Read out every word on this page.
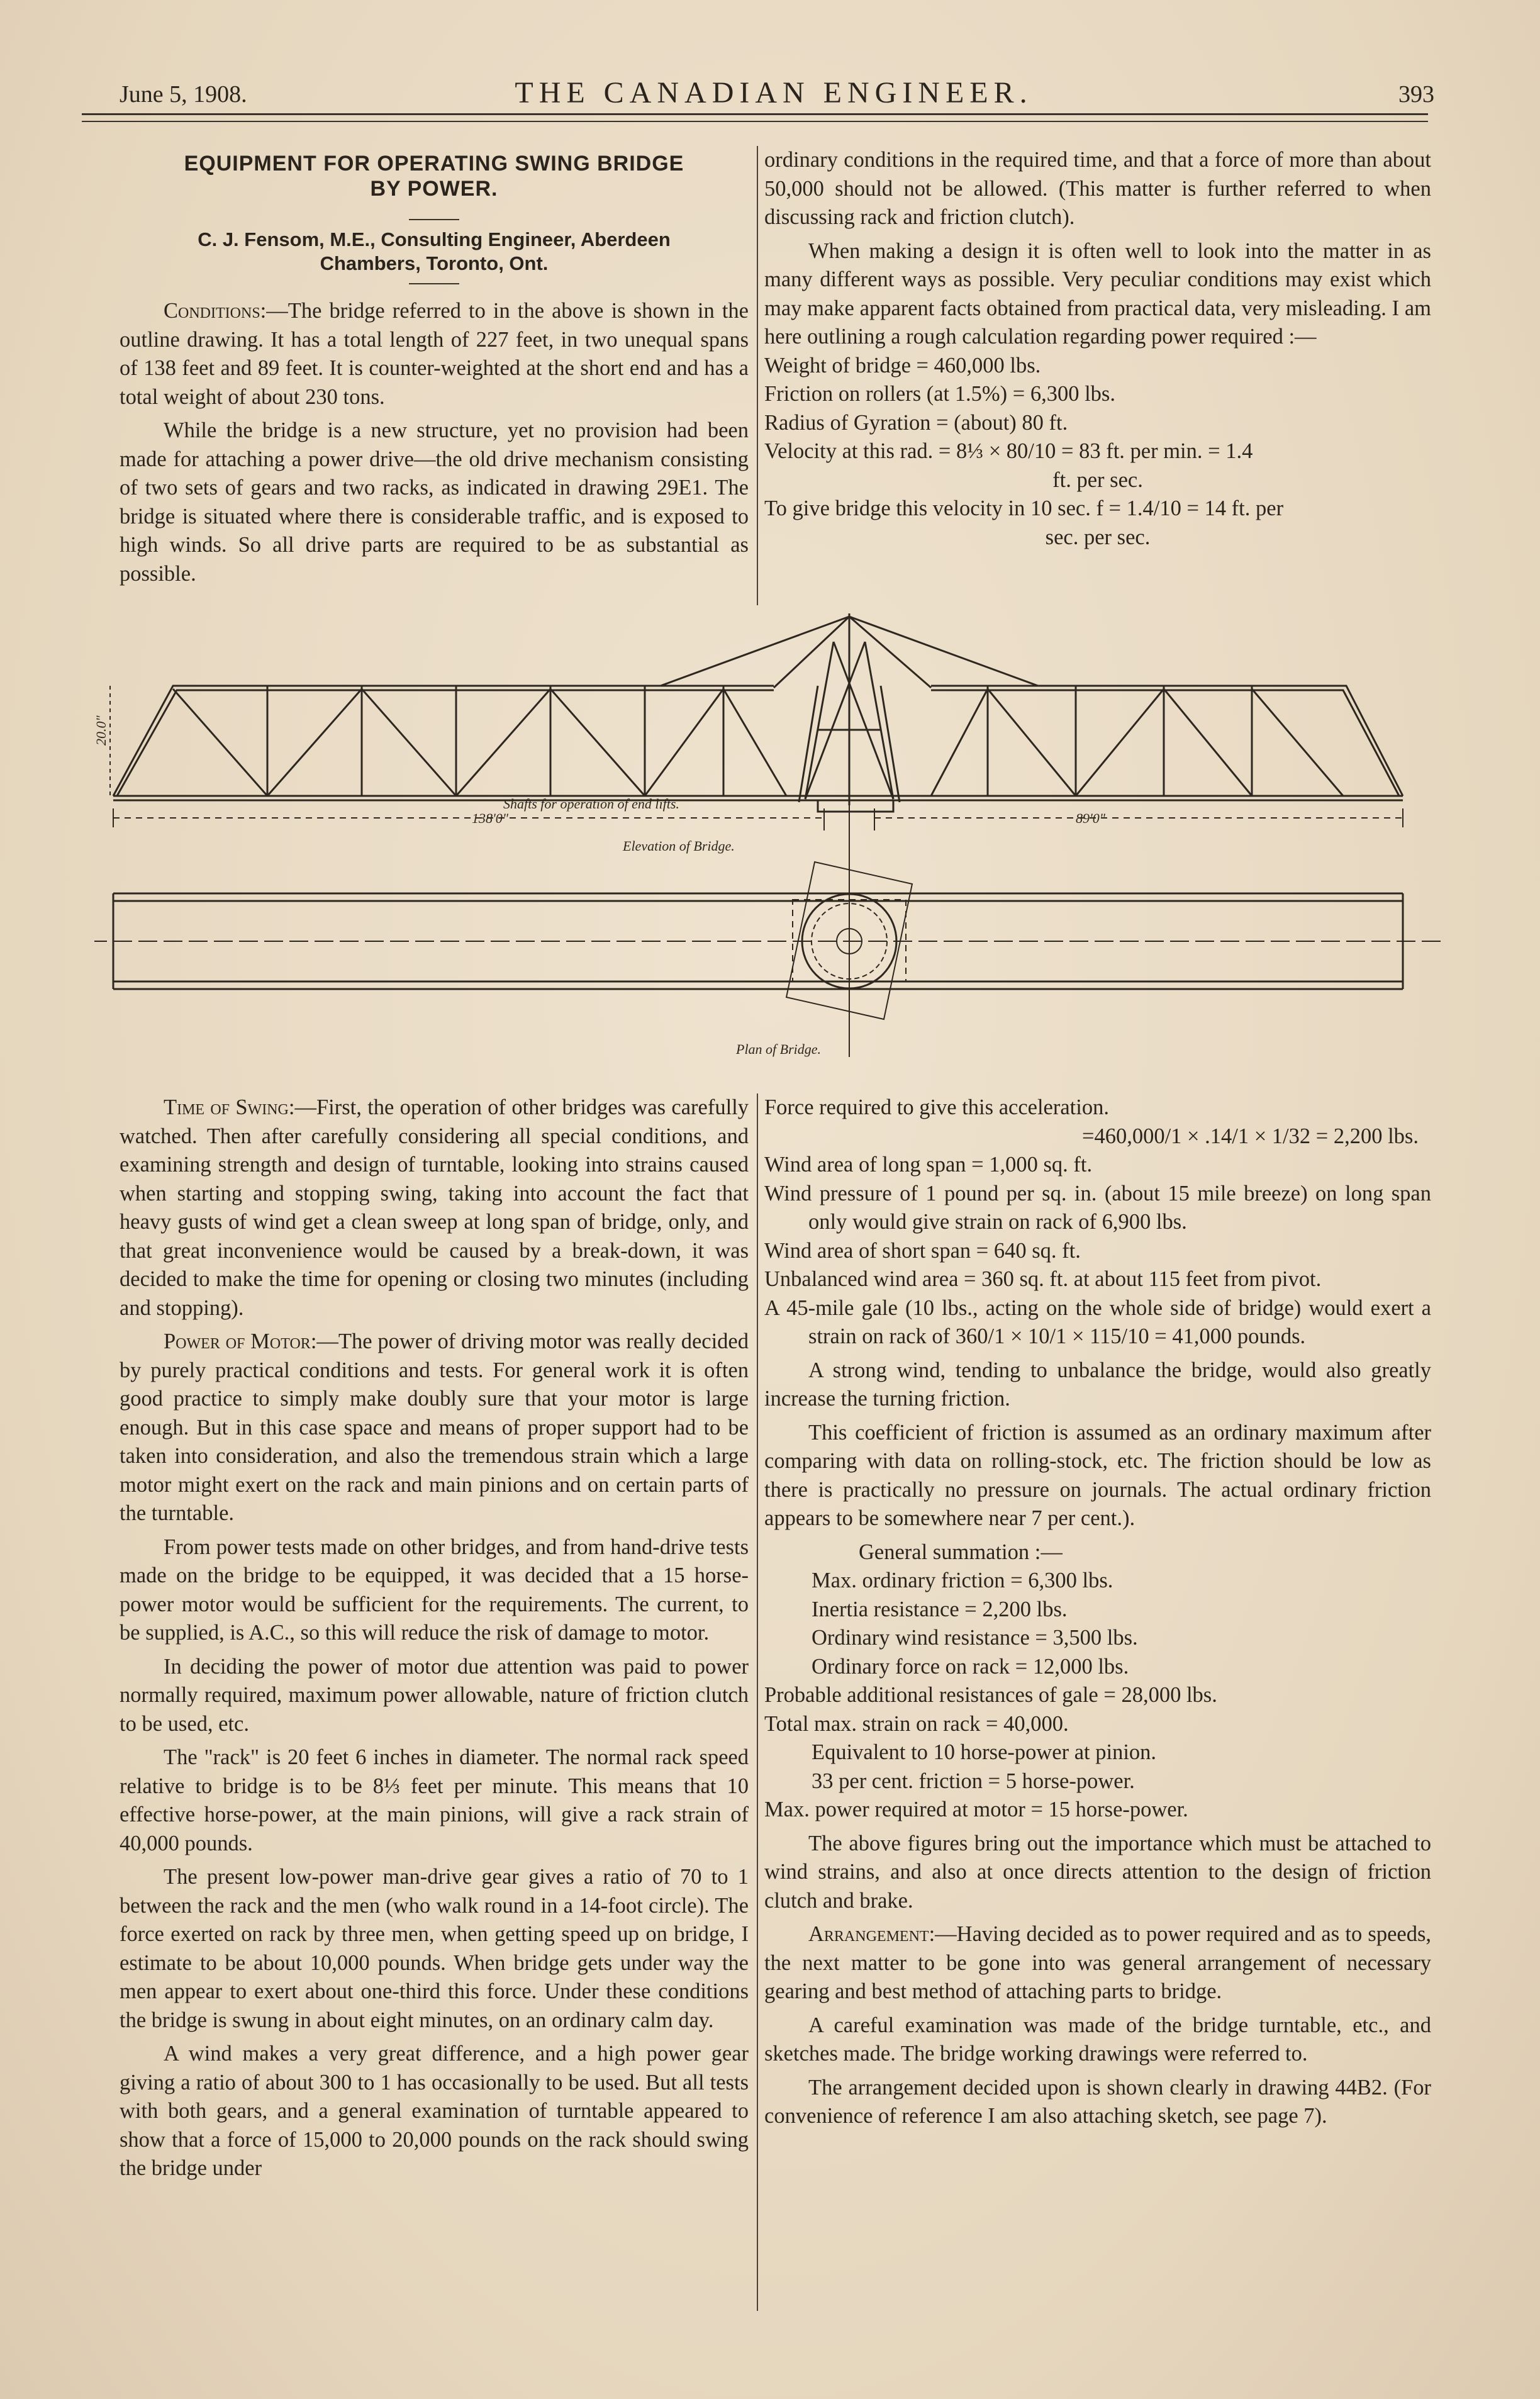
June 5, 1908.	THE CANADIAN ENGINEER.	393
EQUIPMENT FOR OPERATING SWING BRIDGE
BY POWER.
C. J. Fensom, M.E., Consulting Engineer, Aberdeen
Chambers, Toronto, Ont.

Conditions:—The bridge referred to in the above is shown in the outline drawing. It has a total length of 227 feet, in two unequal spans of 138 feet and 89 feet. It is counter-weighted at the short end and has a total weight of about 230 tons.

While the bridge is a new structure, yet no provision had been made for attaching a power drive—the old drive mechanism consisting of two sets of gears and two racks, as indicated in drawing 29E1. The bridge is situated where there is considerable traffic, and is exposed to high winds. So all drive parts are required to be as substantial as possible.

ordinary conditions in the required time, and that a force of more than about 50,000 should not be allowed. (This matter is further referred to when discussing rack and friction clutch).

When making a design it is often well to look into the matter in as many different ways as possible. Very peculiar conditions may exist which may make apparent facts obtained from practical data, very misleading. I am here outlining a rough calculation regarding power required :—

Weight of bridge = 460,000 lbs.

Friction on rollers (at 1.5%) = 6,300 lbs.

Radius of Gyration = (about) 80 ft.

Velocity at this rad. = 8⅓ × 80/10 = 83 ft. per min. = 1.4

ft. per sec.

To give bridge this velocity in 10 sec. f = 1.4/10 = 14 ft. per

sec. per sec.

20.0"
138'0"	89'0"
Shafts for operation of end lifts.
Elevation of Bridge.
Plan of Bridge.

Time of Swing:—First, the operation of other bridges was carefully watched. Then after carefully considering all special conditions, and examining strength and design of turntable, looking into strains caused when starting and stopping swing, taking into account the fact that heavy gusts of wind get a clean sweep at long span of bridge, only, and that great inconvenience would be caused by a break-down, it was decided to make the time for opening or closing two minutes (including and stopping).

Power of Motor:—The power of driving motor was really decided by purely practical conditions and tests. For general work it is often good practice to simply make doubly sure that your motor is large enough. But in this case space and means of proper support had to be taken into consideration, and also the tremendous strain which a large motor might exert on the rack and main pinions and on certain parts of the turntable.

From power tests made on other bridges, and from hand-drive tests made on the bridge to be equipped, it was decided that a 15 horse-power motor would be sufficient for the requirements. The current, to be supplied, is A.C., so this will reduce the risk of damage to motor.

In deciding the power of motor due attention was paid to power normally required, maximum power allowable, nature of friction clutch to be used, etc.

The "rack" is 20 feet 6 inches in diameter. The normal rack speed relative to bridge is to be 8⅓ feet per minute. This means that 10 effective horse-power, at the main pinions, will give a rack strain of 40,000 pounds.

The present low-power man-drive gear gives a ratio of 70 to 1 between the rack and the men (who walk round in a 14-foot circle). The force exerted on rack by three men, when getting speed up on bridge, I estimate to be about 10,000 pounds. When bridge gets under way the men appear to exert about one-third this force. Under these conditions the bridge is swung in about eight minutes, on an ordinary calm day.

A wind makes a very great difference, and a high power gear giving a ratio of about 300 to 1 has occasionally to be used. But all tests with both gears, and a general examination of turntable appeared to show that a force of 15,000 to 20,000 pounds on the rack should swing the bridge under

Force required to give this acceleration.

=460,000/1 × .14/1 × 1/32 = 2,200 lbs.

Wind area of long span = 1,000 sq. ft.

Wind pressure of 1 pound per sq. in. (about 15 mile breeze) on long span only would give strain on rack of 6,900 lbs.

Wind area of short span = 640 sq. ft.

Unbalanced wind area = 360 sq. ft. at about 115 feet from pivot.

A 45-mile gale (10 lbs., acting on the whole side of bridge) would exert a strain on rack of 360/1 × 10/1 × 115/10 = 41,000 pounds.

A strong wind, tending to unbalance the bridge, would also greatly increase the turning friction.

This coefficient of friction is assumed as an ordinary maximum after comparing with data on rolling-stock, etc. The friction should be low as there is practically no pressure on journals. The actual ordinary friction appears to be somewhere near 7 per cent.).

General summation :—

Max. ordinary friction = 6,300 lbs.

Inertia resistance = 2,200 lbs.

Ordinary wind resistance = 3,500 lbs.

Ordinary force on rack = 12,000 lbs.

Probable additional resistances of gale = 28,000 lbs.

Total max. strain on rack = 40,000.

Equivalent to 10 horse-power at pinion.

33 per cent. friction = 5 horse-power.

Max. power required at motor = 15 horse-power.

The above figures bring out the importance which must be attached to wind strains, and also at once directs attention to the design of friction clutch and brake.

Arrangement:—Having decided as to power required and as to speeds, the next matter to be gone into was general arrangement of necessary gearing and best method of attaching parts to bridge.

A careful examination was made of the bridge turntable, etc., and sketches made. The bridge working drawings were referred to.

The arrangement decided upon is shown clearly in drawing 44B2. (For convenience of reference I am also attaching sketch, see page 7).
